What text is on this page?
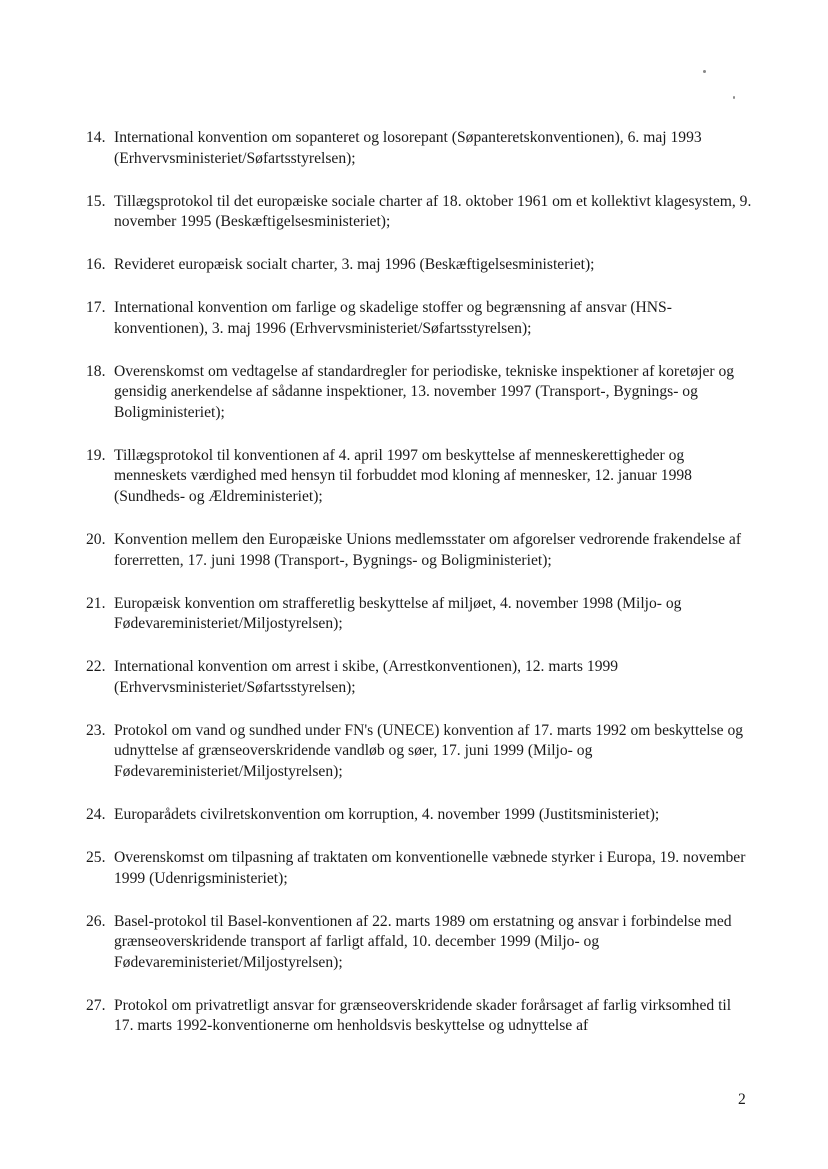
14. International konvention om sopanteret og losorepant (Søpanteretskonventionen), 6. maj 1993 (Erhvervsministeriet/Søfartsstyrelsen);
15. Tillægsprotokol til det europæiske sociale charter af 18. oktober 1961 om et kollektivt klagesystem, 9. november 1995 (Beskæftigelsesministeriet);
16. Revideret europæisk socialt charter, 3. maj 1996 (Beskæftigelsesministeriet);
17. International konvention om farlige og skadelige stoffer og begrænsning af ansvar (HNS-konventionen), 3. maj 1996 (Erhvervsministeriet/Søfartsstyrelsen);
18. Overenskomst om vedtagelse af standardregler for periodiske, tekniske inspektioner af koretøjer og gensidig anerkendelse af sådanne inspektioner, 13. november 1997 (Transport-, Bygnings- og Boligministeriet);
19. Tillægsprotokol til konventionen af 4. april 1997 om beskyttelse af menneskerettigheder og menneskets værdighed med hensyn til forbuddet mod kloning af mennesker, 12. januar 1998 (Sundheds- og Ældreministeriet);
20. Konvention mellem den Europæiske Unions medlemsstater om afgorelser vedrorende frakendelse af forerretten, 17. juni 1998 (Transport-, Bygnings- og Boligministeriet);
21. Europæisk konvention om strafferetlig beskyttelse af miljøet, 4. november 1998 (Miljo- og Fødevareministeriet/Miljostyrelsen);
22. International konvention om arrest i skibe, (Arrestkonventionen), 12. marts 1999 (Erhvervsministeriet/Søfartsstyrelsen);
23. Protokol om vand og sundhed under FN's (UNECE) konvention af 17. marts 1992 om beskyttelse og udnyttelse af grænseoverskridende vandløb og søer, 17. juni 1999 (Miljo- og Fødevareministeriet/Miljostyrelsen);
24. Europarådets civilretskonvention om korruption, 4. november 1999 (Justitsministeriet);
25. Overenskomst om tilpasning af traktaten om konventionelle væbnede styrker i Europa, 19. november 1999 (Udenrigsministeriet);
26. Basel-protokol til Basel-konventionen af 22. marts 1989 om erstatning og ansvar i forbindelse med grænseoverskridende transport af farligt affald, 10. december 1999 (Miljo- og Fødevareministeriet/Miljostyrelsen);
27. Protokol om privatretligt ansvar for grænseoverskridende skader forårsaget af farlig virksomhed til 17. marts 1992-konventionerne om henholdsvis beskyttelse og udnyttelse af
2
